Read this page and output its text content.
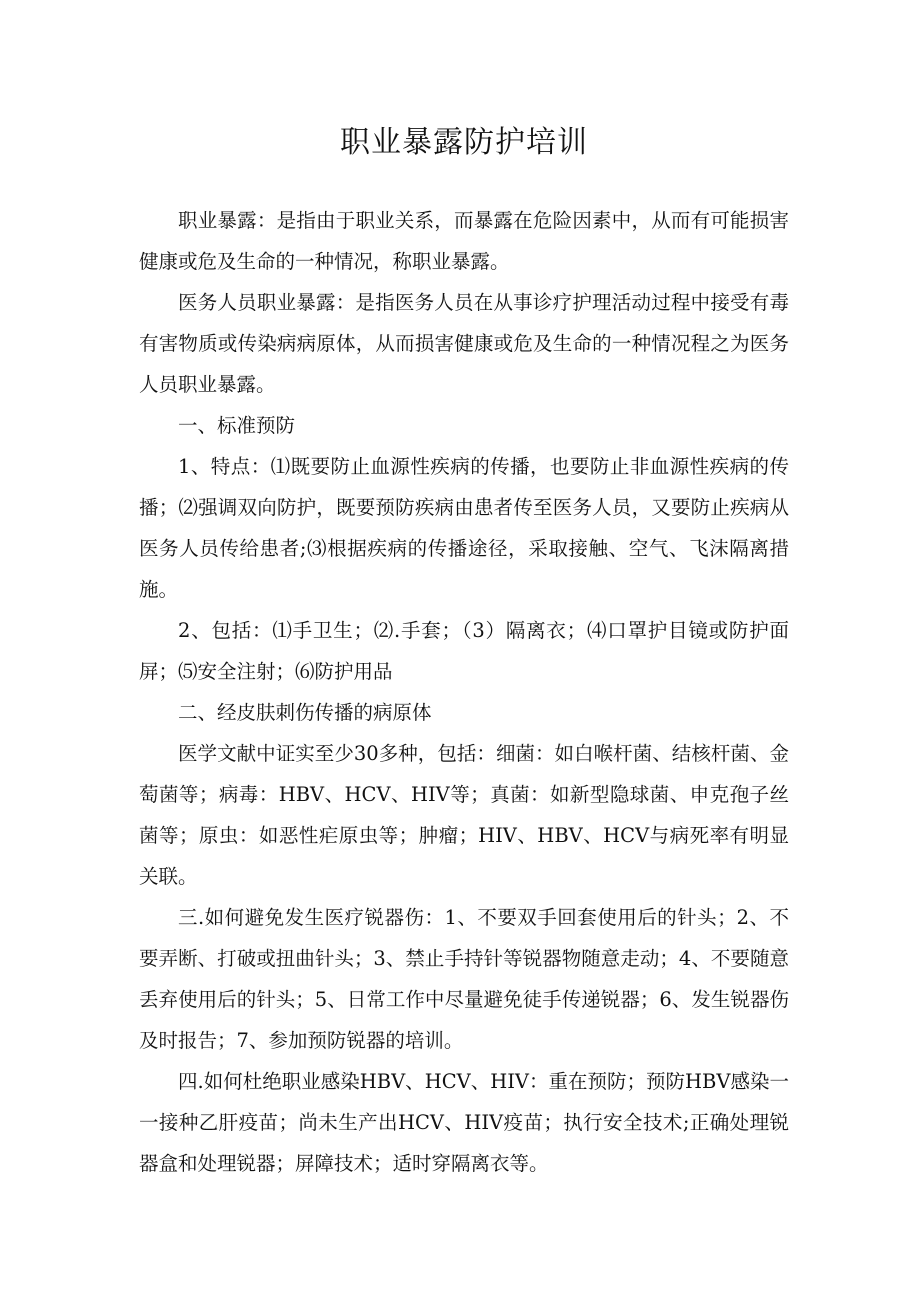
职业暴露防护培训

职业暴露：是指由于职业关系，而暴露在危险因素中，从而有可能损害健康或危及生命的一种情况，称职业暴露。

医务人员职业暴露：是指医务人员在从事诊疗护理活动过程中接受有毒有害物质或传染病病原体，从而损害健康或危及生命的一种情况程之为医务人员职业暴露。

一、标准预防

1、特点：⑴既要防止血源性疾病的传播，也要防止非血源性疾病的传播；⑵强调双向防护，既要预防疾病由患者传至医务人员，又要防止疾病从医务人员传给患者;⑶根据疾病的传播途径，采取接触、空气、飞沫隔离措施。

2、包括：⑴手卫生；⑵.手套；（3）隔离衣；⑷口罩护目镜或防护面屏；⑸安全注射；⑹防护用品

二、经皮肤刺伤传播的病原体

医学文献中证实至少30多种，包括：细菌：如白喉杆菌、结核杆菌、金萄菌等；病毒：HBV、HCV、HIV等；真菌：如新型隐球菌、申克孢子丝菌等；原虫：如恶性疟原虫等；肿瘤；HIV、HBV、HCV与病死率有明显关联。

三.如何避免发生医疗锐器伤：1、不要双手回套使用后的针头；2、不要弄断、打破或扭曲针头；3、禁止手持针等锐器物随意走动；4、不要随意丢弃使用后的针头；5、日常工作中尽量避免徒手传递锐器；6、发生锐器伤及时报告；7、参加预防锐器的培训。

四.如何杜绝职业感染HBV、HCV、HIV：重在预防；预防HBV感染一一接种乙肝疫苗；尚未生产出HCV、HIV疫苗；执行安全技术;正确处理锐器盒和处理锐器；屏障技术；适时穿隔离衣等。
